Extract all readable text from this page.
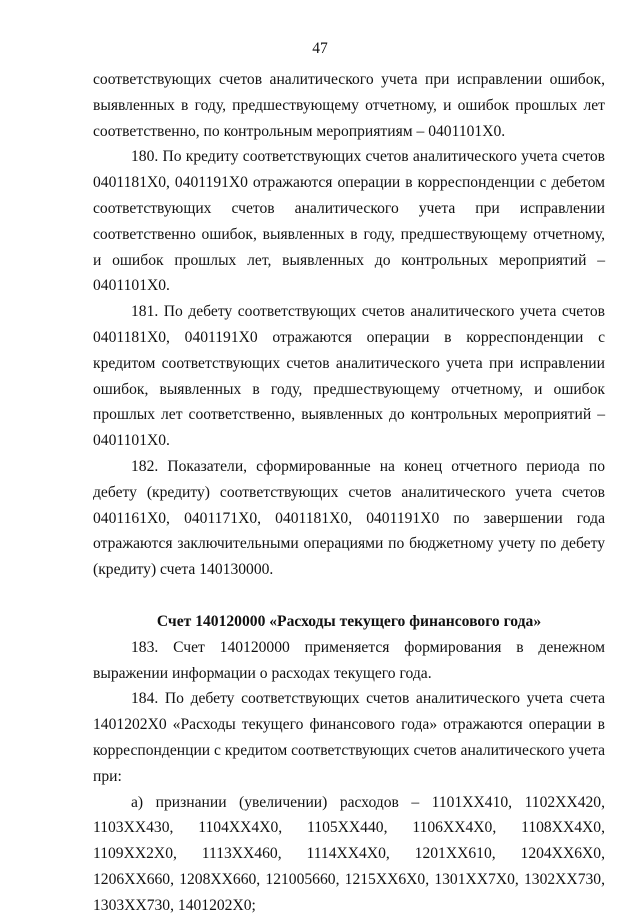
47

соответствующих счетов аналитического учета при исправлении ошибок, выявленных в году, предшествующему отчетному, и ошибок прошлых лет соответственно, по контрольным мероприятиям – 0401101Х0.

180. По кредиту соответствующих счетов аналитического учета счетов 0401181Х0, 0401191Х0 отражаются операции в корреспонденции с дебетом соответствующих счетов аналитического учета при исправлении соответственно ошибок, выявленных в году, предшествующему отчетному, и ошибок прошлых лет, выявленных до контрольных мероприятий – 0401101Х0.

181. По дебету соответствующих счетов аналитического учета счетов 0401181Х0, 0401191Х0 отражаются операции в корреспонденции с кредитом соответствующих счетов аналитического учета при исправлении ошибок, выявленных в году, предшествующему отчетному, и ошибок прошлых лет соответственно, выявленных до контрольных мероприятий – 0401101Х0.

182. Показатели, сформированные на конец отчетного периода по дебету (кредиту) соответствующих счетов аналитического учета счетов 0401161Х0, 0401171Х0, 0401181Х0, 0401191Х0 по завершении года отражаются заключительными операциями по бюджетному учету по дебету (кредиту) счета 140130000.

Счет 140120000 «Расходы текущего финансового года»

183. Счет 140120000 применяется формирования в денежном выражении информации о расходах текущего года.

184. По дебету соответствующих счетов аналитического учета счета 1401202Х0 «Расходы текущего финансового года» отражаются операции в корреспонденции с кредитом соответствующих счетов аналитического учета при:

а) признании (увеличении) расходов – 1101ХХ410, 1102ХХ420, 1103ХХ430, 1104ХХ4Х0, 1105ХХ440, 1106ХХ4Х0, 1108ХХ4Х0, 1109ХХ2Х0, 1113ХХ460, 1114ХХ4Х0, 1201ХХ610, 1204ХХ6Х0, 1206ХХ660, 1208ХХ660, 121005660, 1215ХХ6Х0, 1301ХХ7Х0, 1302ХХ730, 1303ХХ730, 1401202Х0;
